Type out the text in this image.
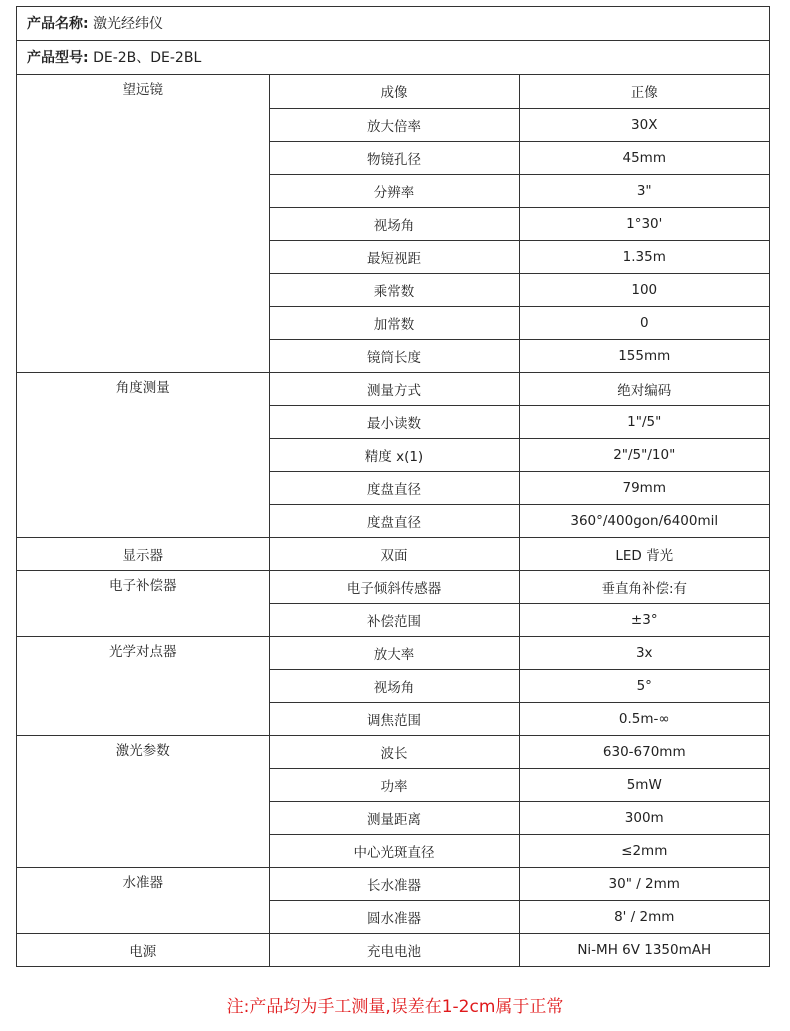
产品名称: 激光经纬仪
产品型号: DE-2B、DE-2BL
望远镜	成像	正像
	放大倍率	30X
	物镜孔径	45mm
	分辨率	3"
	视场角	1°30'
	最短视距	1.35m
	乘常数	100
	加常数	0
	镜筒长度	155mm
角度测量	测量方式	绝对编码
	最小读数	1"/5"
	精度 x(1)	2"/5"/10"
	度盘直径	79mm
	度盘直径	360°/400gon/6400mil
显示器	双面	LED 背光
电子补偿器	电子倾斜传感器	垂直角补偿:有
	补偿范围	±3°
光学对点器	放大率	3x
	视场角	5°
	调焦范围	0.5m-∞
激光参数	波长	630-670mm
	功率	5mW
	测量距离	300m
	中心光斑直径	≤2mm
水准器	长水准器	30" / 2mm
	圆水准器	8' / 2mm
电源	充电电池	Ni-MH 6V 1350mAH
注:产品均为手工测量,误差在1-2cm属于正常
